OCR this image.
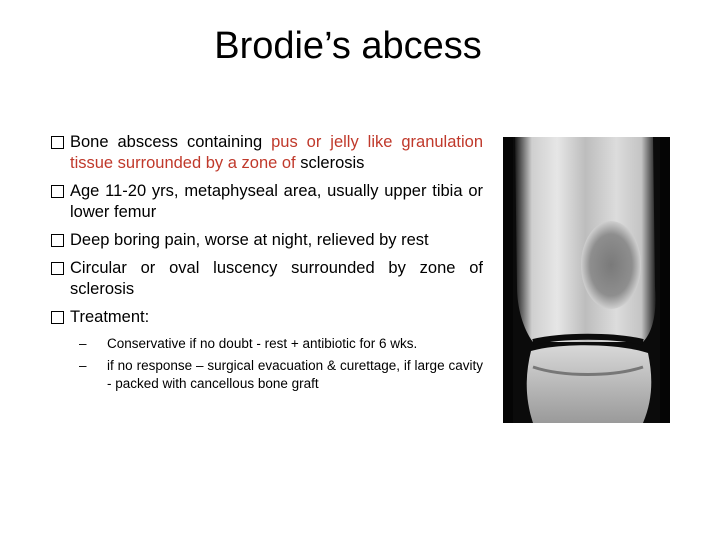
Brodie’s abcess
Bone abscess containing pus or jelly like granulation tissue surrounded by a zone of sclerosis
Age 11-20 yrs, metaphyseal area, usually upper tibia or lower femur
Deep boring pain, worse at night, relieved by rest
Circular or oval luscency surrounded by zone of sclerosis
Treatment:
– Conservative if no doubt - rest + antibiotic for 6 wks.
– if no response – surgical evacuation & curettage, if large cavity - packed with cancellous bone graft
